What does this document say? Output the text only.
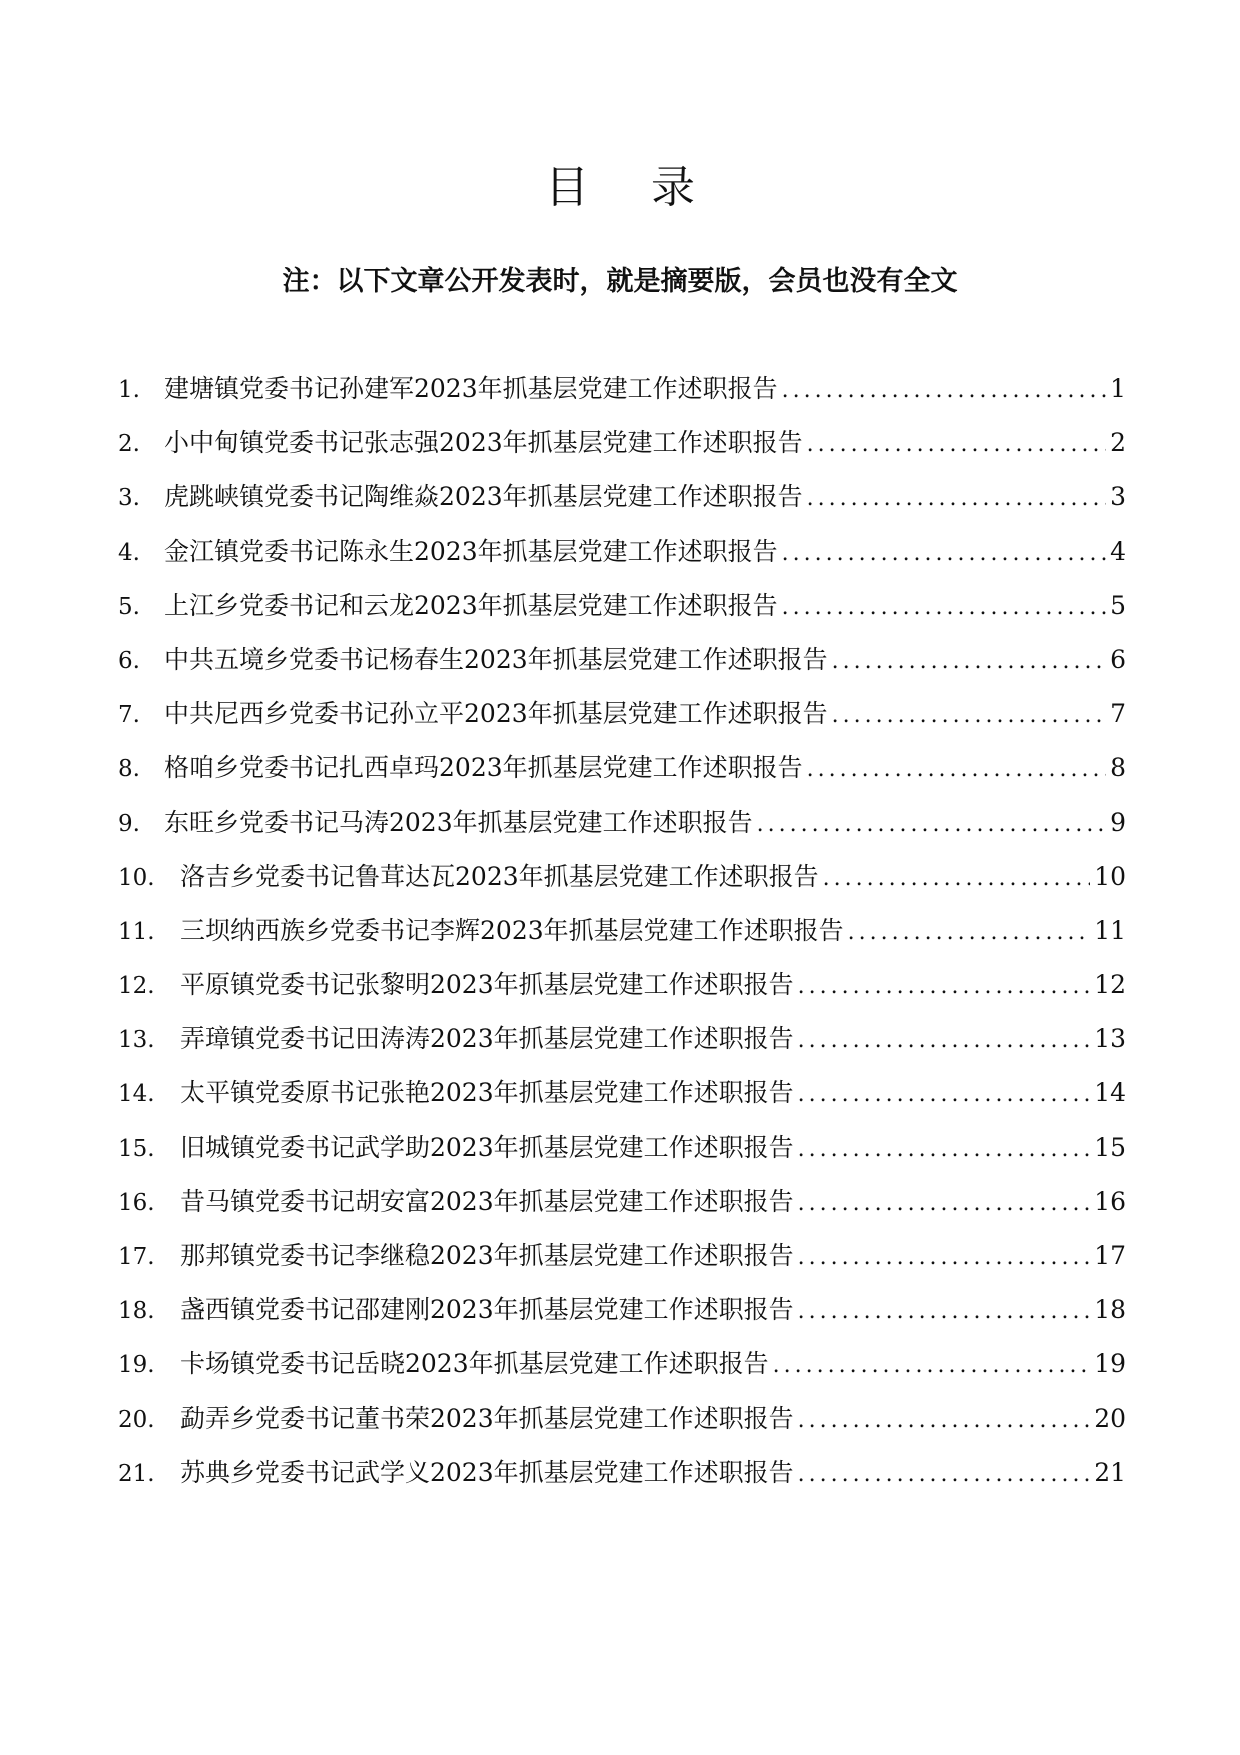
目 录
注：以下文章公开发表时，就是摘要版，会员也没有全文
1. 建塘镇党委书记孙建军2023年抓基层党建工作述职报告 .....	1
2. 小中甸镇党委书记张志强2023年抓基层党建工作述职报告 .....	2
3. 虎跳峡镇党委书记陶维焱2023年抓基层党建工作述职报告 .....	3
4. 金江镇党委书记陈永生2023年抓基层党建工作述职报告 .....	4
5. 上江乡党委书记和云龙2023年抓基层党建工作述职报告 .....	5
6. 中共五境乡党委书记杨春生2023年抓基层党建工作述职报告 .....	6
7. 中共尼西乡党委书记孙立平2023年抓基层党建工作述职报告 .....	7
8. 格咱乡党委书记扎西卓玛2023年抓基层党建工作述职报告 .....	8
9. 东旺乡党委书记马涛2023年抓基层党建工作述职报告 .....	9
10.	洛吉乡党委书记鲁茸达瓦2023年抓基层党建工作述职报告 .....	10
11.	三坝纳西族乡党委书记李辉2023年抓基层党建工作述职报告 .....	11
12.	平原镇党委书记张黎明2023年抓基层党建工作述职报告 .....	12
13.	弄璋镇党委书记田涛涛2023年抓基层党建工作述职报告 .....	13
14.	太平镇党委原书记张艳2023年抓基层党建工作述职报告 .....	14
15.	旧城镇党委书记武学助2023年抓基层党建工作述职报告 .....	15
16.	昔马镇党委书记胡安富2023年抓基层党建工作述职报告 .....	16
17.	那邦镇党委书记李继稳2023年抓基层党建工作述职报告 .....	17
18.	盏西镇党委书记邵建刚2023年抓基层党建工作述职报告 .....	18
19.	卡场镇党委书记岳晓2023年抓基层党建工作述职报告 .....	19
20.	勐弄乡党委书记董书荣2023年抓基层党建工作述职报告 .....	20
21.	苏典乡党委书记武学义2023年抓基层党建工作述职报告 .....	21
